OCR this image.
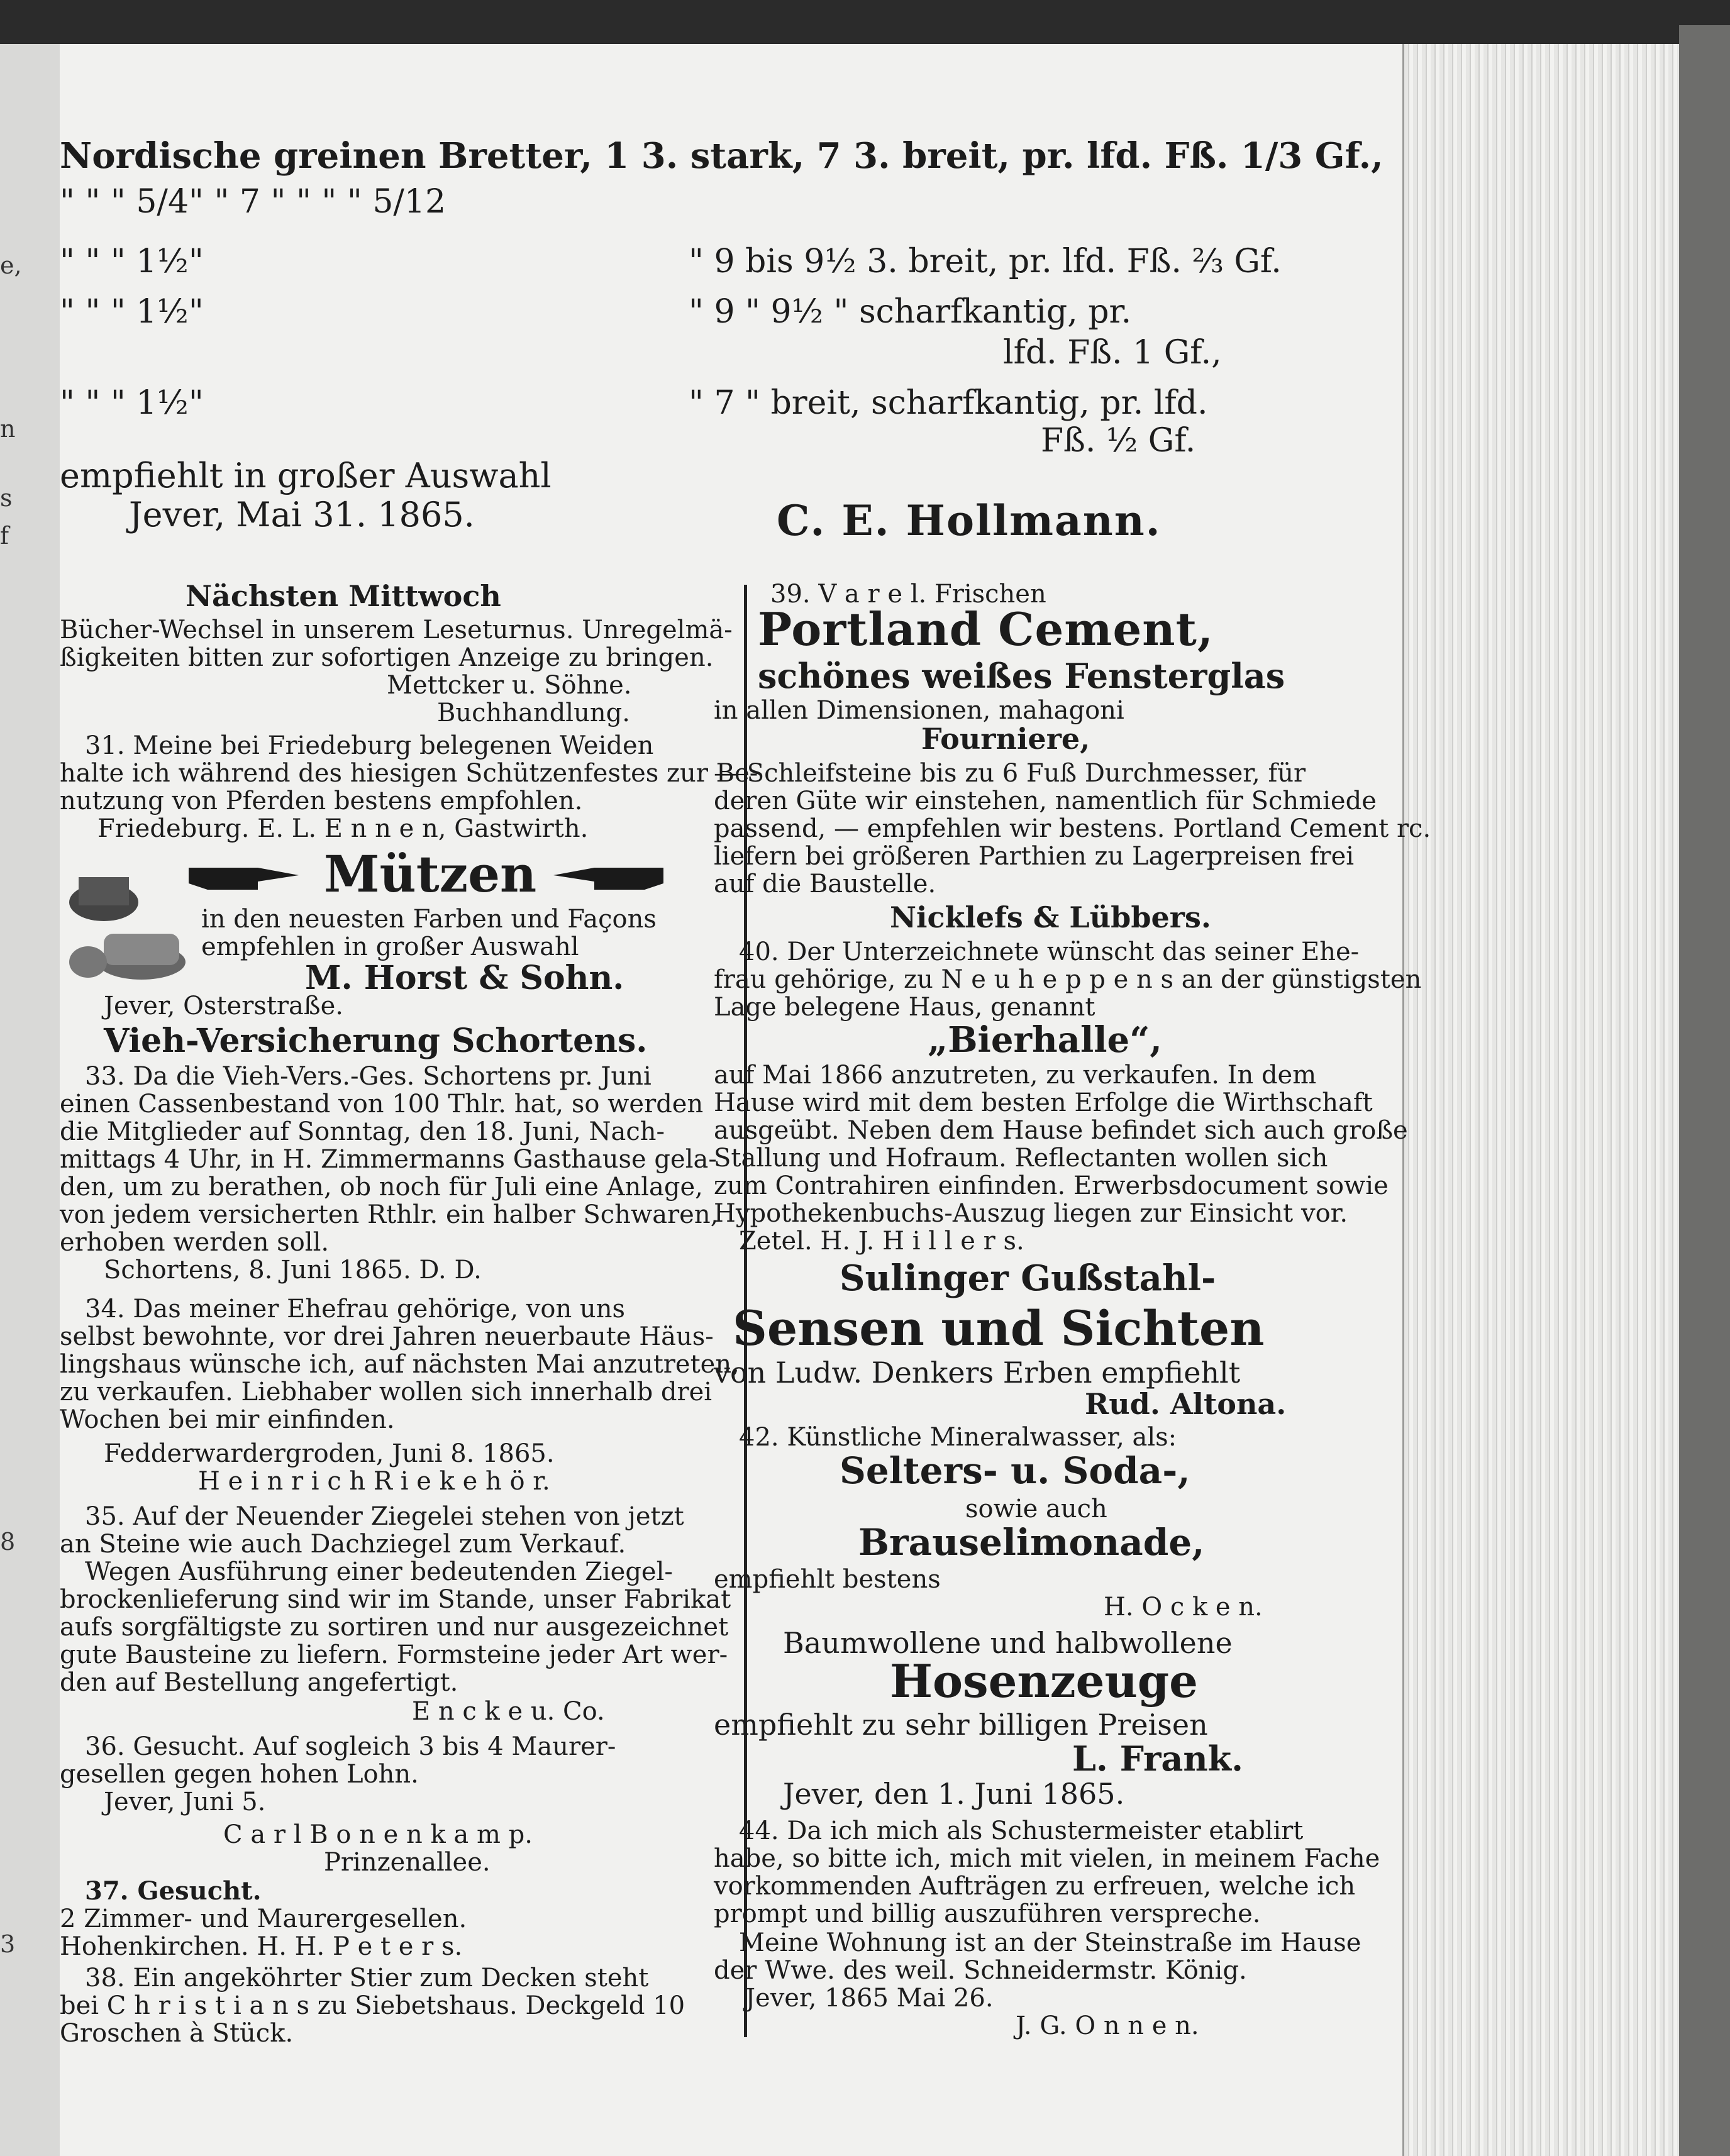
e,
n
s
f
8
3
Nordische greinen Bretter, 1 3. stark, 7 3. breit, pr. lfd. Fß. 1/3 Gf.,
" " " 5/4" " 7 " " " " 5/12
" " " 1½"	" 9 bis 9½ 3. breit, pr. lfd. Fß. ⅔ Gf.
" " " 1½"	" 9 " 9½ " scharfkantig, pr.
lfd. Fß. 1 Gf.,
" " " 1½"	" 7 " breit, scharfkantig, pr. lfd.
Fß. ½ Gf.
empfiehlt in großer Auswahl
Jever, Mai 31. 1865.	C. E. Hollmann.
Nächsten Mittwoch
Bücher-Wechsel in unserem Lesеturnus. Unregelmä-
ßigkeiten bitten zur sofortigen Anzeige zu bringen.
Mettcker u. Söhne.
Buchhandlung.
31. Meine bei Friedeburg belegenen Weiden
halte ich während des hiesigen Schützenfestes zur Be-
nutzung von Pferden bestens empfohlen.
Friedeburg. E. L. E n n e n, Gastwirth.
Mützen
in den neuesten Farben und Façons
empfehlen in großer Auswahl
M. Horst & Sohn.
Jever, Osterstraße.
Vieh-Versicherung Schortens.
33. Da die Vieh-Vers.-Ges. Schortens pr. Juni
einen Cassenbestand von 100 Thlr. hat, so werden
die Mitglieder auf Sonntag, den 18. Juni, Nach-
mittags 4 Uhr, in H. Zimmermanns Gasthause gela-
den, um zu berathen, ob noch für Juli eine Anlage,
von jedem versicherten Rthlr. ein halber Schwaren,
erhoben werden soll.
Schortens, 8. Juni 1865. D. D.
34. Das meiner Ehefrau gehörige, von uns
selbst bewohnte, vor drei Jahren neuerbaute Häus-
lingshaus wünsche ich, auf nächsten Mai anzutreten,
zu verkaufen. Liebhaber wollen sich innerhalb drei
Wochen bei mir einfinden.
Fedderwardergroden, Juni 8. 1865.
H e i n r i c h R i e k e h ö r.
35. Auf der Neuender Ziegelei stehen von jetzt
an Steine wie auch Dachziegel zum Verkauf.
Wegen Ausführung einer bedeutenden Ziegel-
brockenlieferung sind wir im Stande, unser Fabrikat
aufs sorgfältigste zu sortiren und nur ausgezeichnet
gute Bausteine zu liefern. Formsteine jeder Art wer-
den auf Bestellung angefertigt.
E n c k e u. Co.
36. Gesucht. Auf sogleich 3 bis 4 Maurer-
gesellen gegen hohen Lohn.
Jever, Juni 5.
C a r l B o n e n k a m p.
Prinzenallee.
37. Gesucht.
2 Zimmer- und Maurergesellen.
Hohenkirchen. H. H. P e t e r s.
38. Ein angeköhrter Stier zum Decken steht
bei C h r i s t i a n s zu Siebetshaus. Deckgeld 10
Groschen à Stück.
39. V a r e l. Frischen
Portland Cement,
schönes weißes Fensterglas
in allen Dimensionen, mahagoni
Fourniere,
— Schleifsteine bis zu 6 Fuß Durchmesser, für
deren Güte wir einstehen, namentlich für Schmiede
passend, — empfehlen wir bestens. Portland Cement rc.
liefern bei größeren Parthien zu Lagerpreisen frei
auf die Baustelle.
Nicklefs & Lübbers.
40. Der Unterzeichnete wünscht das seiner Ehe-
frau gehörige, zu N e u h e p p e n s an der günstigsten
Lage belegene Haus, genannt
„Bierhalle“,
auf Mai 1866 anzutreten, zu verkaufen. In dem
Hause wird mit dem besten Erfolge die Wirthschaft
ausgeübt. Neben dem Hause befindet sich auch große
Stallung und Hofraum. Reflectanten wollen sich
zum Contrahiren einfinden. Erwerbsdocument sowie
Hypothekenbuchs-Auszug liegen zur Einsicht vor.
Zetel. H. J. H i l l e r s.
Sulinger Gußstahl-
Sensen und Sichten
von Ludw. Denkers Erben empfiehlt
Rud. Altona.
42. Künstliche Mineralwasser, als:
Selters- u. Soda-,
sowie auch
Brauselimonade,
empfiehlt bestens
H. O c k e n.
Baumwollene und halbwollene
Hosenzeuge
empfiehlt zu sehr billigen Preisen
L. Frank.
Jever, den 1. Juni 1865.
44. Da ich mich als Schustermeister etablirt
habe, so bitte ich, mich mit vielen, in meinem Fache
vorkommenden Aufträgen zu erfreuen, welche ich
prompt und billig auszuführen verspreche.
Meine Wohnung ist an der Steinstraße im Hause
der Wwe. des weil. Schneidermstr. König.
Jever, 1865 Mai 26.
J. G. O n n e n.
